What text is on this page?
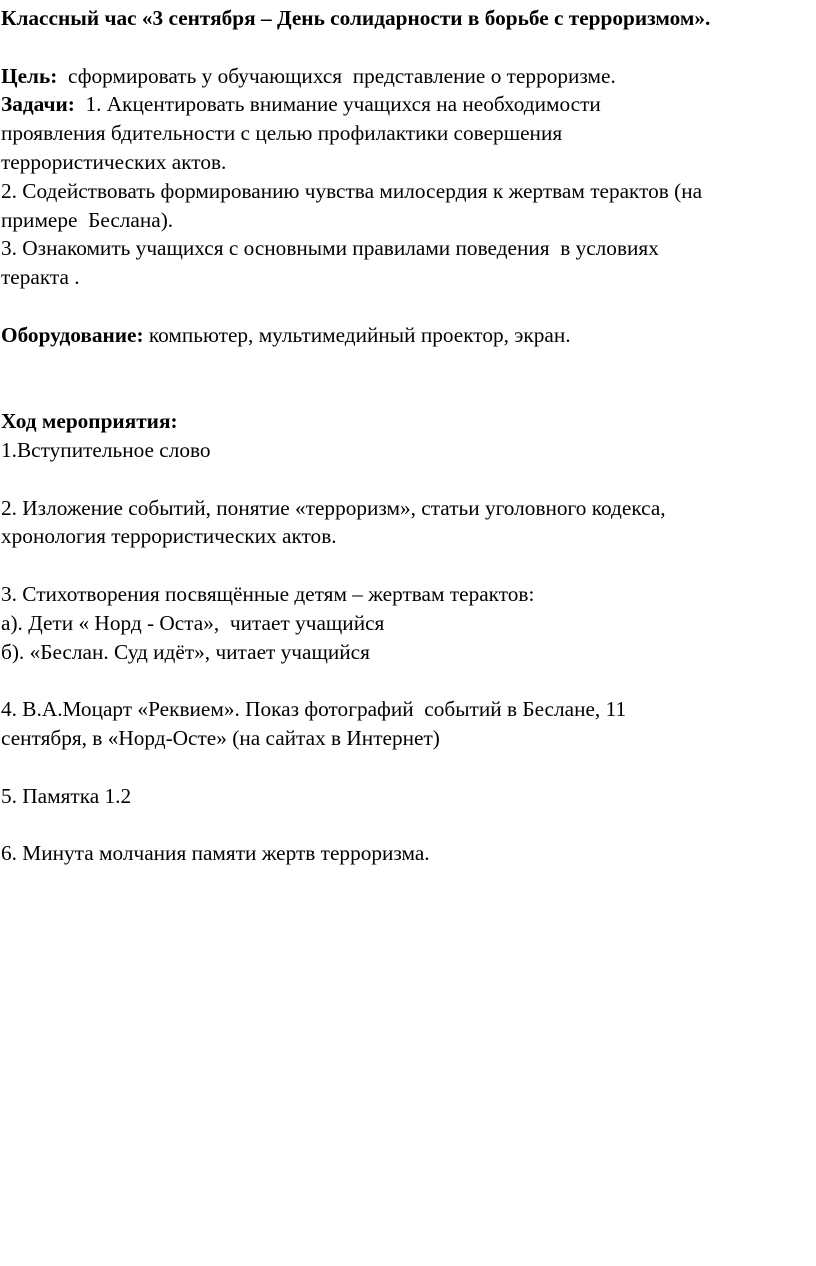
Классный час «3 сентября – День солидарности в борьбе с терроризмом».
Цель:  сформировать у обучающихся  представление о терроризме.
Задачи:  1. Акцентировать внимание учащихся на необходимости
проявления бдительности с целью профилактики совершения
террористических актов.
2. Содействовать формированию чувства милосердия к жертвам терактов (на
примере  Беслана).
3. Ознакомить учащихся с основными правилами поведения  в условиях
теракта .
Оборудование: компьютер, мультимедийный проектор, экран.
Ход мероприятия:
1.Вступительное слово
2. Изложение событий, понятие «терроризм», статьи уголовного кодекса,
хронология террористических актов.
3. Стихотворения посвящённые детям – жертвам терактов:
а). Дети « Норд - Оста»,  читает учащийся
б). «Беслан. Суд идёт», читает учащийся
4. В.А.Моцарт «Реквием». Показ фотографий  событий в Беслане, 11
сентября, в «Норд-Осте» (на сайтах в Интернет)
5. Памятка 1.2
6. Минута молчания памяти жертв терроризма.
